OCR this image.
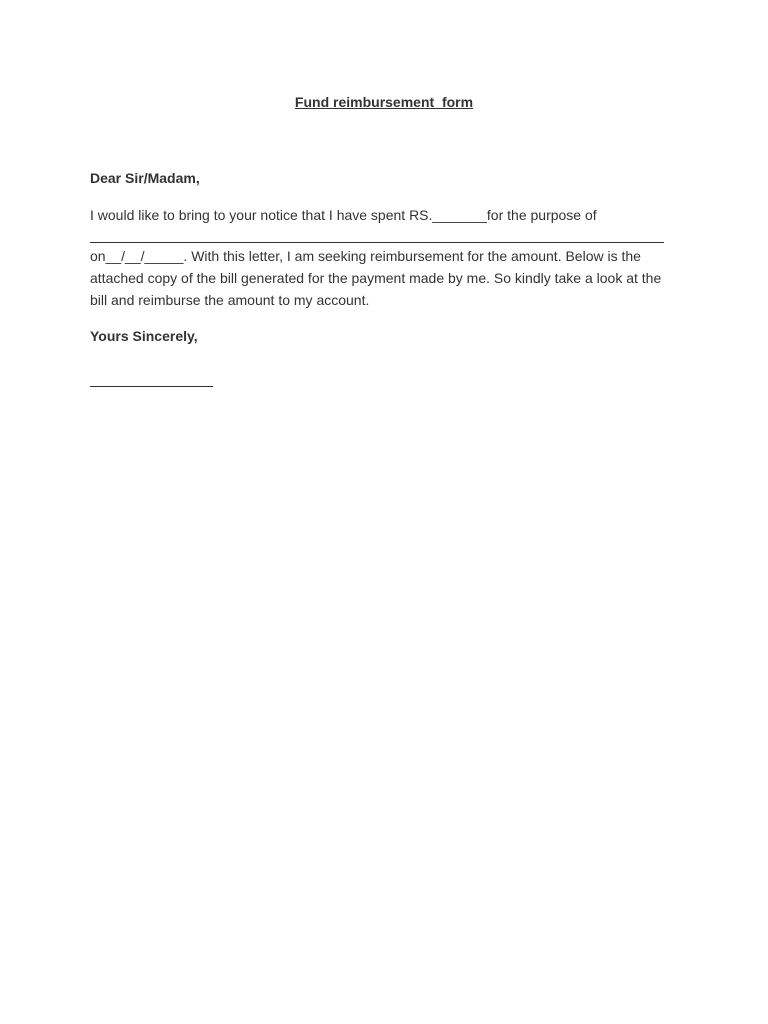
Fund reimbursement  form
Dear Sir/Madam,
I would like to bring to your notice that I have spent RS._______for the purpose of
on__/__/_____. With this letter, I am seeking reimbursement for the amount. Below is the attached copy of the bill generated for the payment made by me. So kindly take a look at the bill and reimburse the amount to my account.
Yours Sincerely,
